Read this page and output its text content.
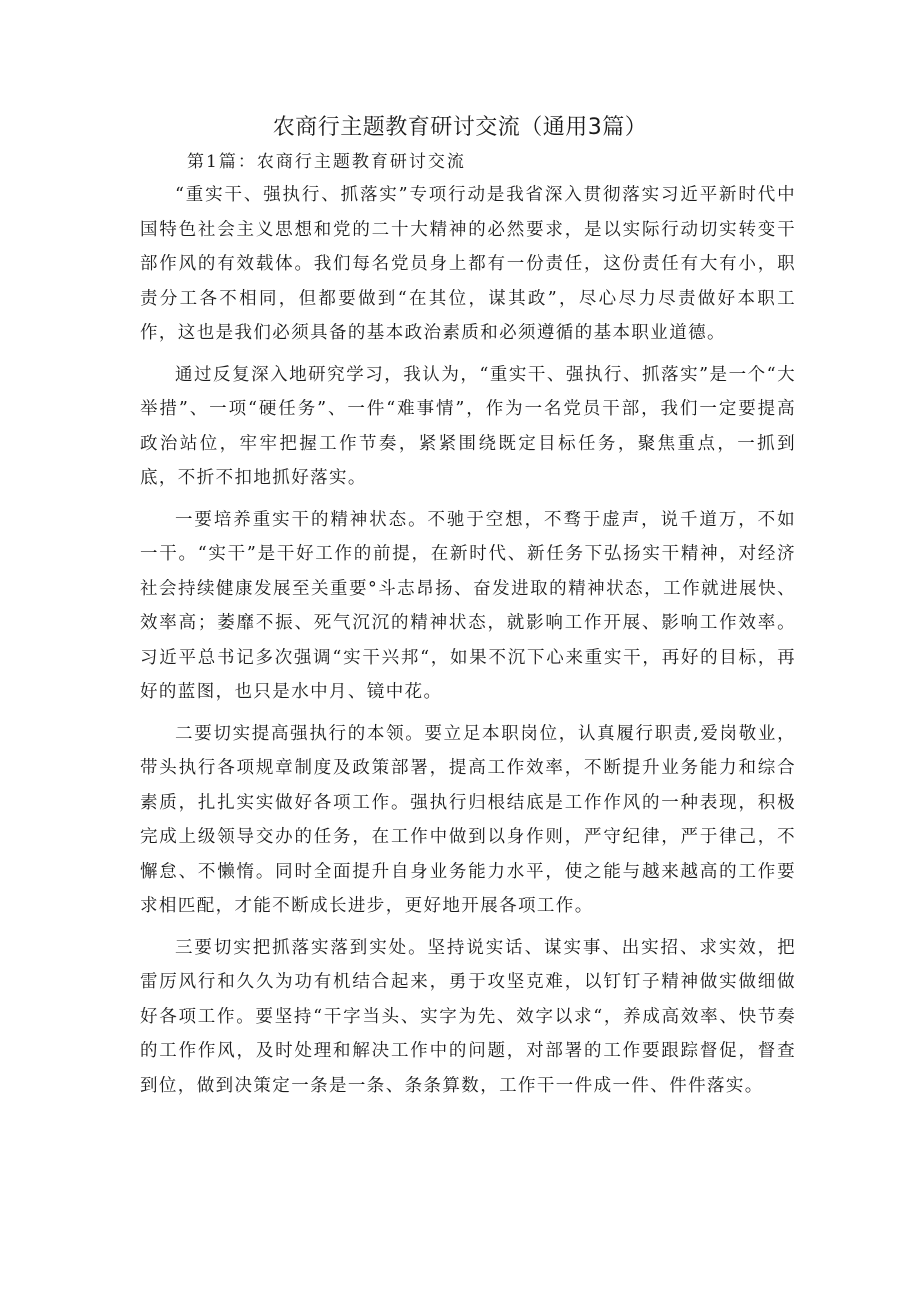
农商行主题教育研讨交流（通用3篇）
第1篇：农商行主题教育研讨交流

“重实干、强执行、抓落实”专项行动是我省深入贯彻落实习近平新时代中国特色社会主义思想和党的二十大精神的必然要求，是以实际行动切实转变干部作风的有效载体。我们每名党员身上都有一份责任，这份责任有大有小，职责分工各不相同，但都要做到“在其位，谋其政”，尽心尽力尽责做好本职工作，这也是我们必须具备的基本政治素质和必须遵循的基本职业道德。

通过反复深入地研究学习，我认为，“重实干、强执行、抓落实”是一个“大举措”、一项“硬任务”、一件“难事情”，作为一名党员干部，我们一定要提高政治站位，牢牢把握工作节奏，紧紧围绕既定目标任务，聚焦重点，一抓到底，不折不扣地抓好落实。

一要培养重实干的精神状态。不驰于空想，不骛于虚声，说千道万，不如一干。“实干”是干好工作的前提，在新时代、新任务下弘扬实干精神，对经济社会持续健康发展至关重要°斗志昂扬、奋发进取的精神状态，工作就进展快、效率高；萎靡不振、死气沉沉的精神状态，就影响工作开展、影响工作效率。习近平总书记多次强调“实干兴邦“，如果不沉下心来重实干，再好的目标，再好的蓝图，也只是水中月、镜中花。

二要切实提高强执行的本领。要立足本职岗位，认真履行职责,爱岗敬业，带头执行各项规章制度及政策部署，提高工作效率，不断提升业务能力和综合素质，扎扎实实做好各项工作。强执行归根结底是工作作风的一种表现，积极完成上级领导交办的任务，在工作中做到以身作则，严守纪律，严于律己，不懈怠、不懒惰。同时全面提升自身业务能力水平，使之能与越来越高的工作要求相匹配，才能不断成长进步，更好地开展各项工作。

三要切实把抓落实落到实处。坚持说实话、谋实事、出实招、求实效，把雷厉风行和久久为功有机结合起来，勇于攻坚克难，以钉钉子精神做实做细做好各项工作。要坚持“干字当头、实字为先、效字以求“，养成高效率、快节奏的工作作风，及时处理和解决工作中的问题，对部署的工作要跟踪督促，督查到位，做到决策定一条是一条、条条算数，工作干一件成一件、件件落实。
